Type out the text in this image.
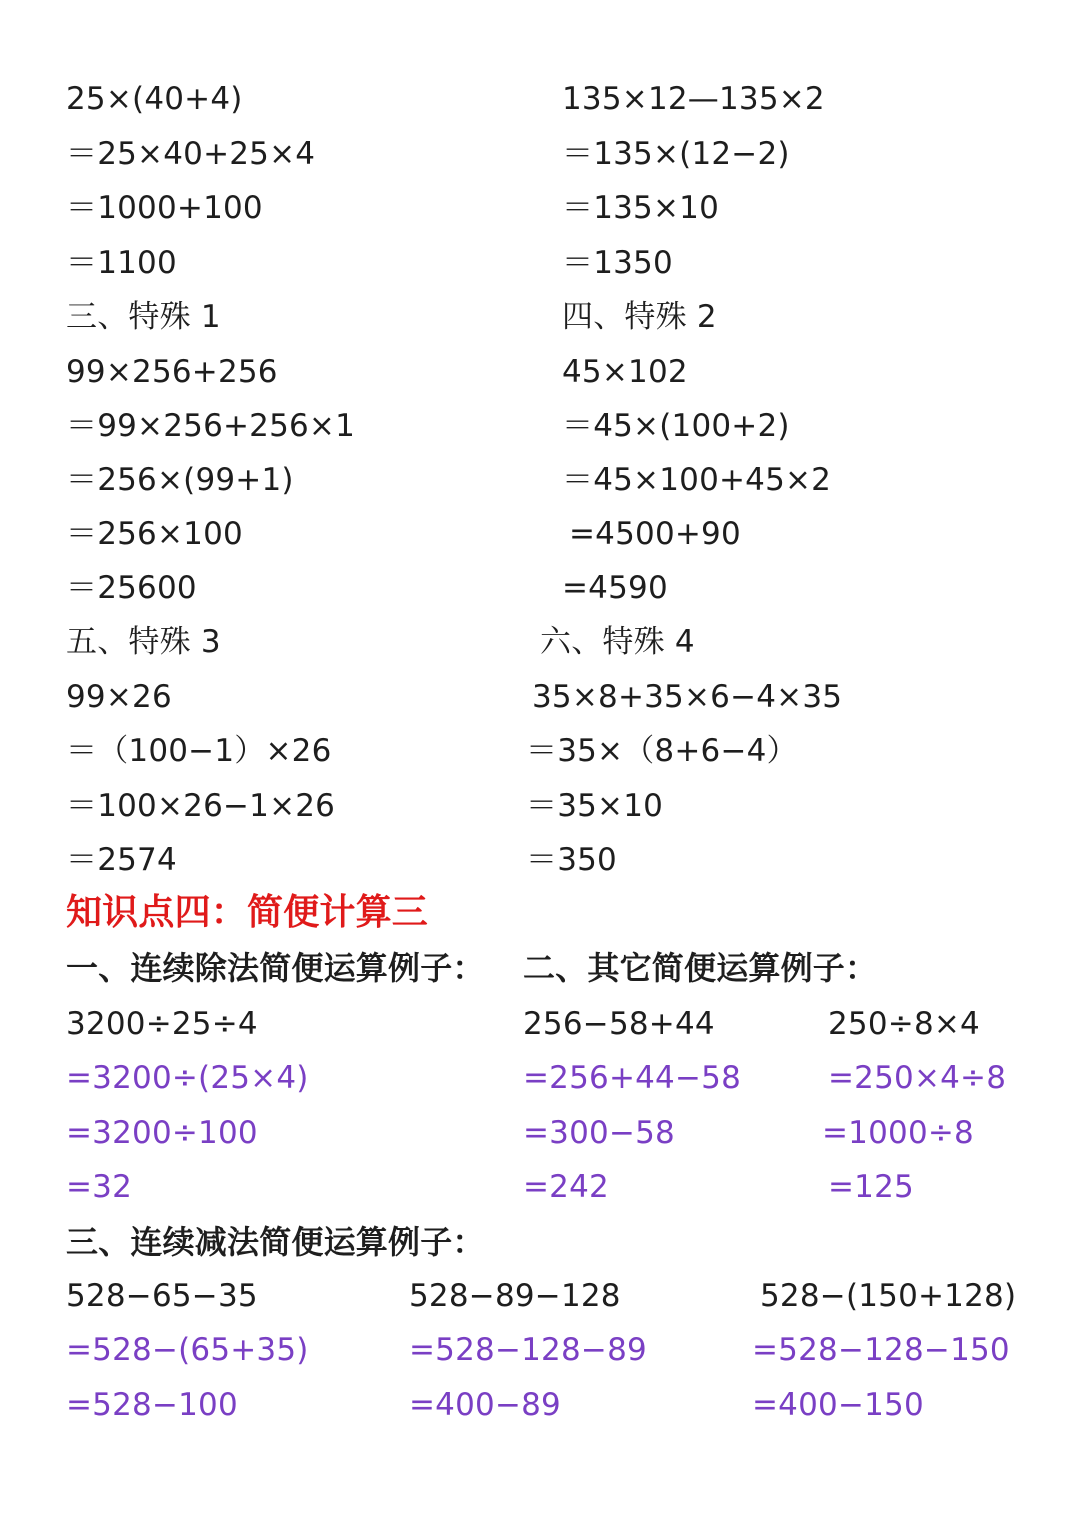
25×(40+4)
＝25×40+25×4
＝1000+100
＝1100
135×12—135×2
＝135×(12−2)
＝135×10
＝1350
三、特殊 1
99×256+256
＝99×256+256×1
＝256×(99+1)
＝256×100
＝25600
四、特殊 2
45×102
＝45×(100+2)
＝45×100+45×2
=4500+90
=4590
五、特殊 3
99×26
＝（100−1）×26
＝100×26−1×26
＝2574
六、特殊 4
35×8+35×6−4×35
＝35×（8+6−4）
＝35×10
＝350
知识点四：简便计算三
一、连续除法简便运算例子： 二、其它简便运算例子：
3200÷25÷4
=3200÷(25×4)
=3200÷100
=32
256−58+44
=256+44−58
=300−58
=242
250÷8×4
=250×4÷8
=1000÷8
=125
三、连续减法简便运算例子：
528−65−35
=528−(65+35)
=528−100
528−89−128
=528−128−89
=400−89
528−(150+128)
=528−128−150
=400−150
